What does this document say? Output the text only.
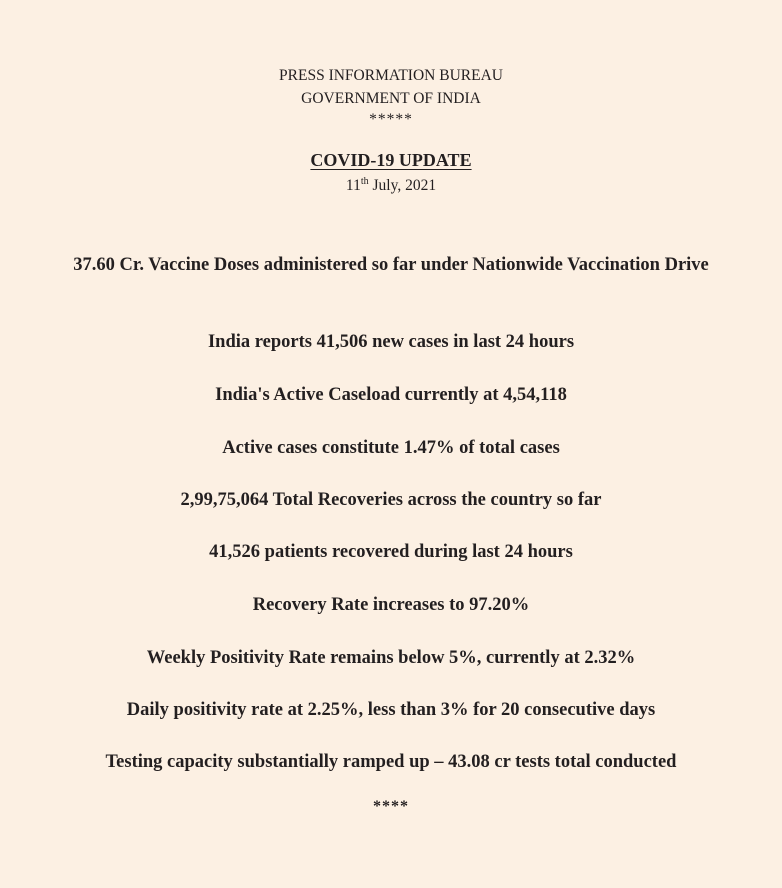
PRESS INFORMATION BUREAU
GOVERNMENT OF INDIA
*****
COVID-19 UPDATE
11th July, 2021
37.60 Cr. Vaccine Doses administered so far under Nationwide Vaccination Drive
India reports 41,506 new cases in last 24 hours
India's Active Caseload currently at 4,54,118
Active cases constitute 1.47% of total cases
2,99,75,064 Total Recoveries across the country so far
41,526 patients recovered during last 24 hours
Recovery Rate increases to 97.20%
Weekly Positivity Rate remains below 5%, currently at 2.32%
Daily positivity rate at 2.25%, less than 3% for 20 consecutive days
Testing capacity substantially ramped up – 43.08 cr tests total conducted
****
